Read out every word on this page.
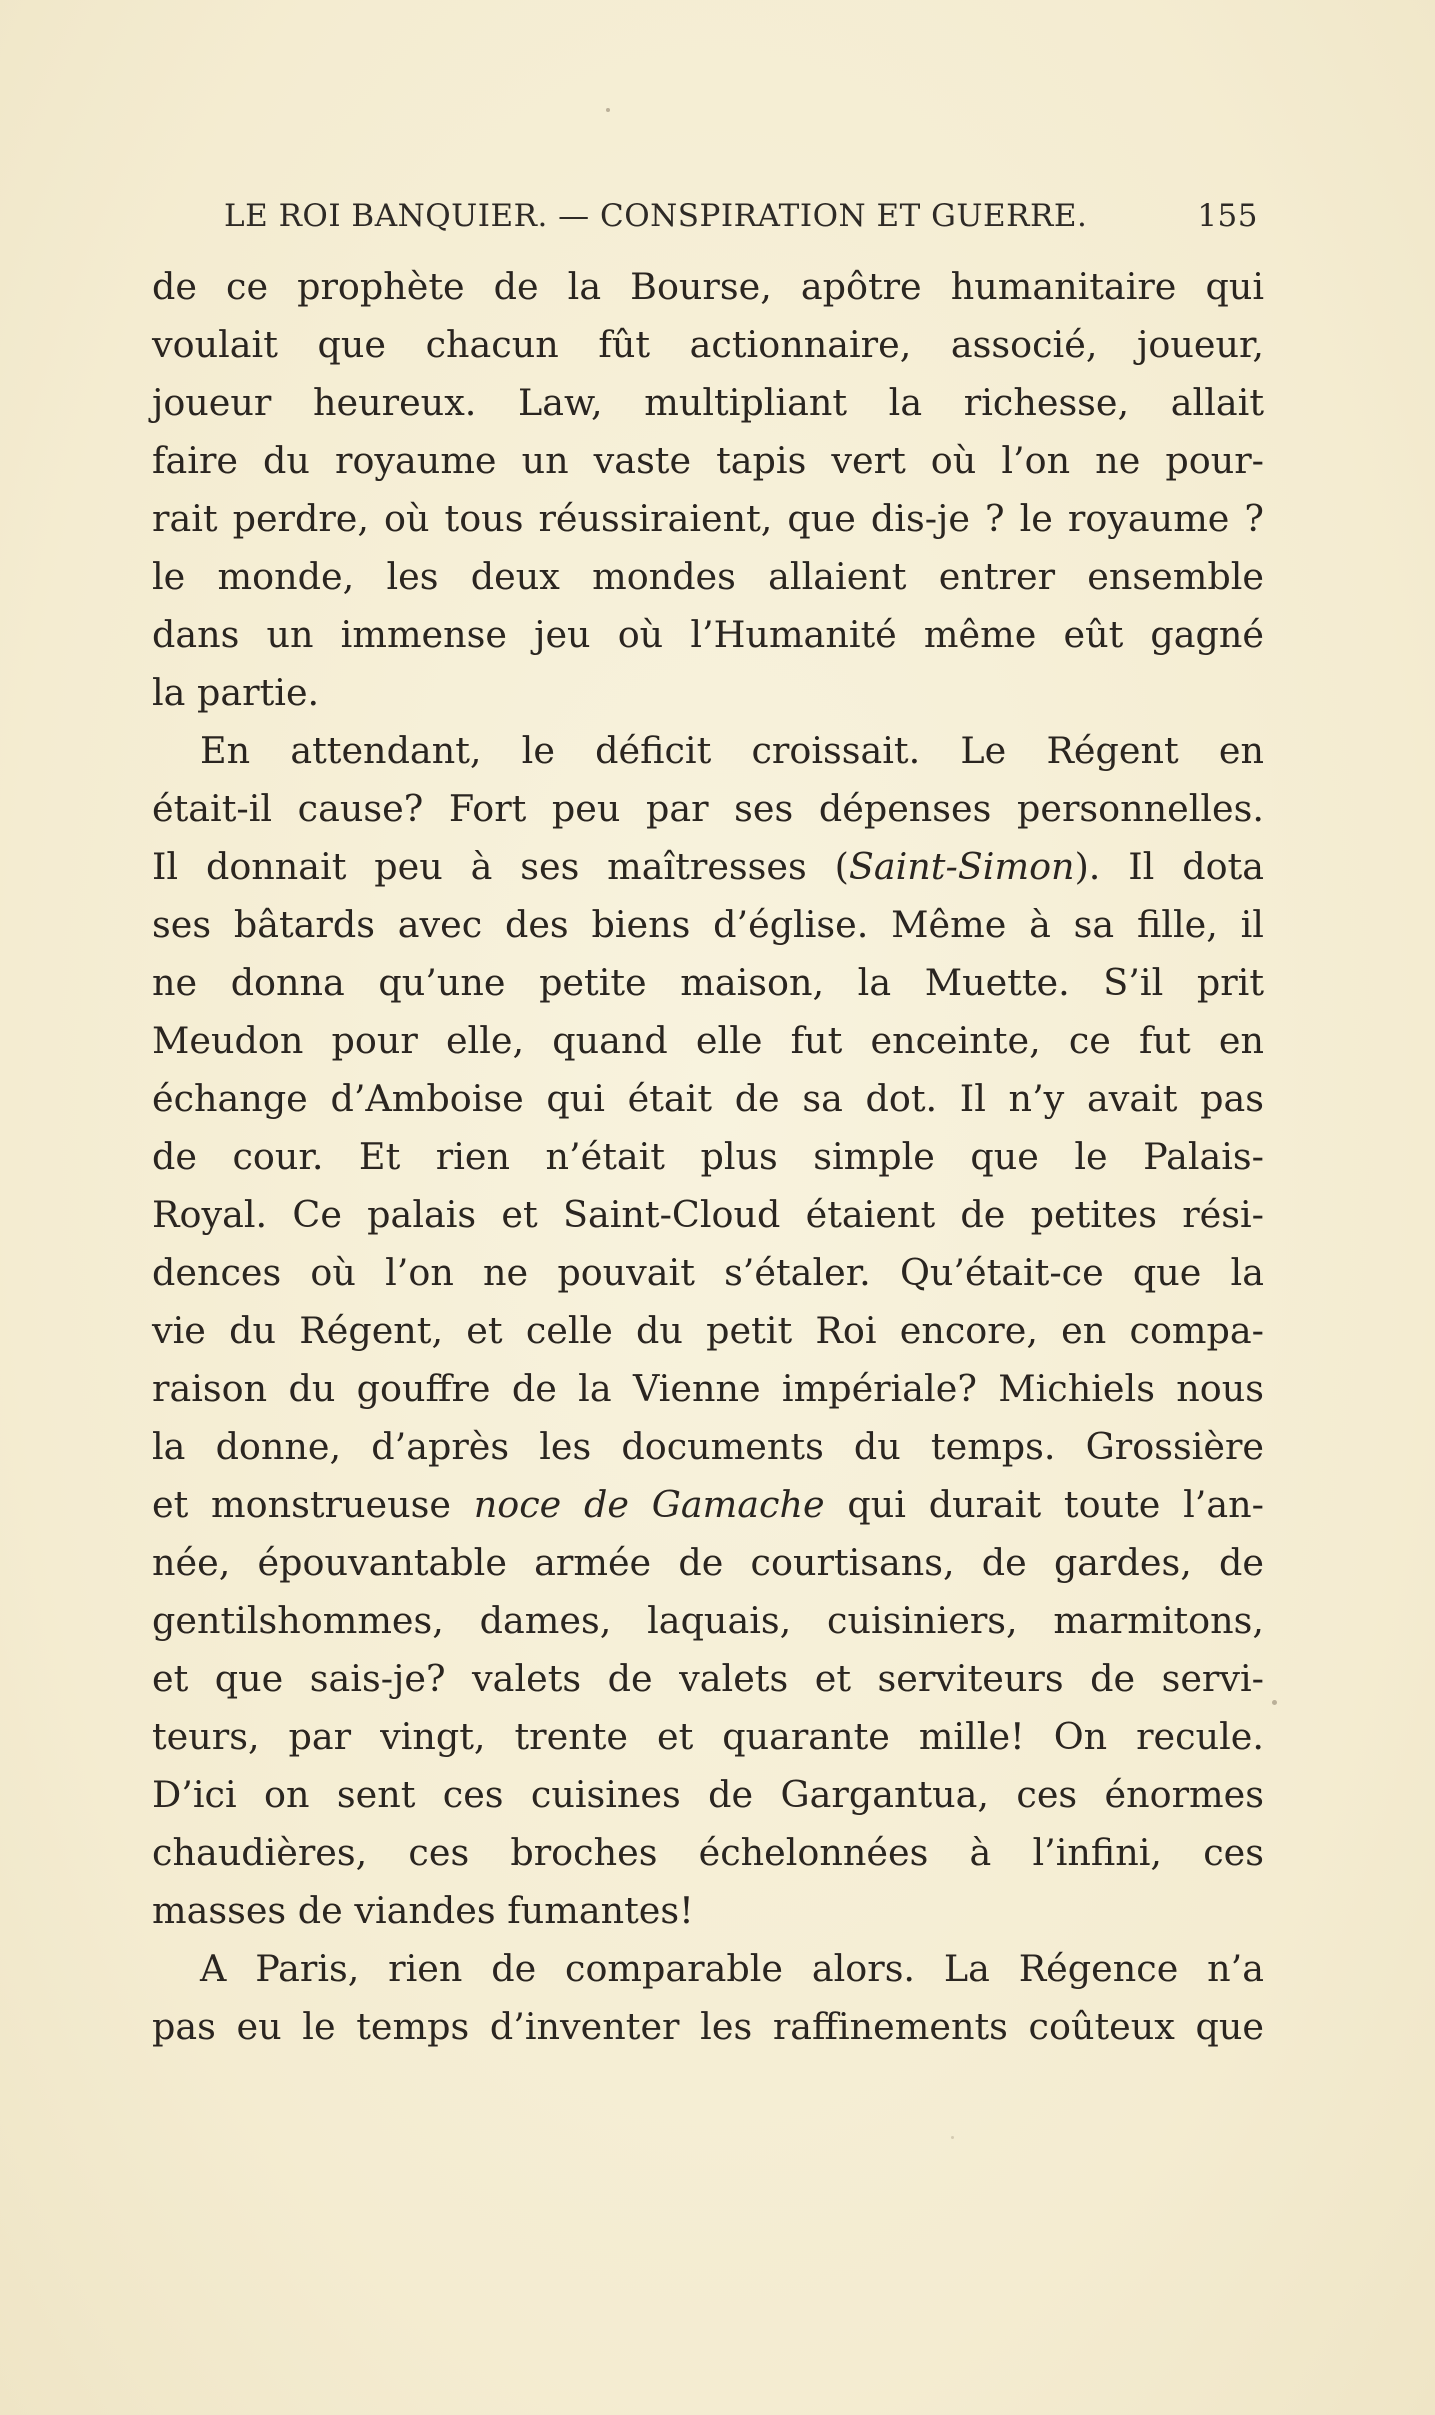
LE ROI BANQUIER. — CONSPIRATION ET GUERRE.	155
de ce prophète de la Bourse, apôtre humanitaire qui
voulait que chacun fût actionnaire, associé, joueur,
joueur heureux. Law, multipliant la richesse, allait
faire du royaume un vaste tapis vert où l’on ne pour-
rait perdre, où tous réussiraient, que dis-je ? le royaume ?
le monde, les deux mondes allaient entrer ensemble
dans un immense jeu où l’Humanité même eût gagné
la partie.
En attendant, le déficit croissait. Le Régent en
était-il cause? Fort peu par ses dépenses personnelles.
Il donnait peu à ses maîtresses (Saint-Simon). Il dota
ses bâtards avec des biens d’église. Même à sa fille, il
ne donna qu’une petite maison, la Muette. S’il prit
Meudon pour elle, quand elle fut enceinte, ce fut en
échange d’Amboise qui était de sa dot. Il n’y avait pas
de cour. Et rien n’était plus simple que le Palais-
Royal. Ce palais et Saint-Cloud étaient de petites rési-
dences où l’on ne pouvait s’étaler. Qu’était-ce que la
vie du Régent, et celle du petit Roi encore, en compa-
raison du gouffre de la Vienne impériale? Michiels nous
la donne, d’après les documents du temps. Grossière
et monstrueuse noce de Gamache qui durait toute l’an-
née, épouvantable armée de courtisans, de gardes, de
gentilshommes, dames, laquais, cuisiniers, marmitons,
et que sais-je? valets de valets et serviteurs de servi-
teurs, par vingt, trente et quarante mille! On recule.
D’ici on sent ces cuisines de Gargantua, ces énormes
chaudières, ces broches échelonnées à l’infini, ces
masses de viandes fumantes!
A Paris, rien de comparable alors. La Régence n’a
pas eu le temps d’inventer les raffinements coûteux que
